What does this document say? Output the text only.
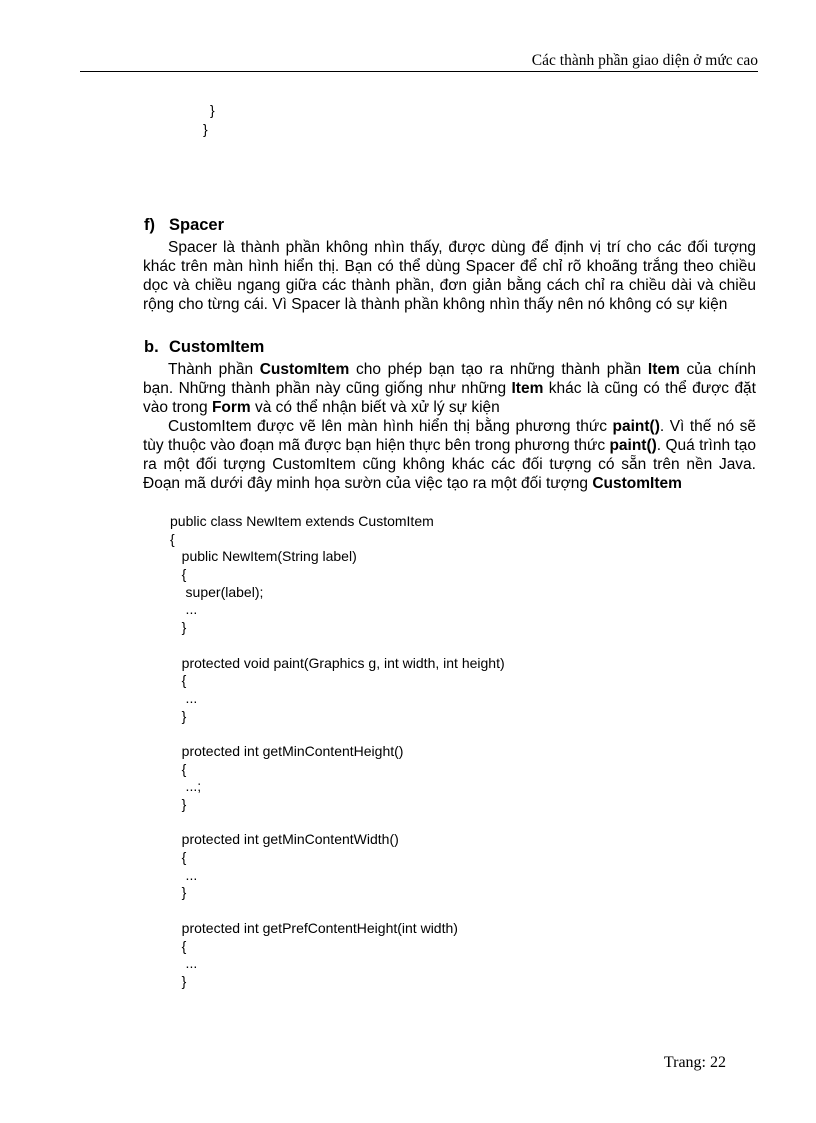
Các thành phần giao diện ở mức cao
}
}
f) Spacer

Spacer là thành phần không nhìn thấy, được dùng để định vị trí cho các đối tượng khác trên màn hình hiển thị. Bạn có thể dùng Spacer để chỉ rõ khoãng trắng theo chiều dọc và chiều ngang giữa các thành phần, đơn giản bằng cách chỉ ra chiều dài và chiều rộng cho từng cái. Vì Spacer là thành phần không nhìn thấy nên nó không có sự kiện

b. CustomItem

Thành phần CustomItem cho phép bạn tạo ra những thành phần Item của chính bạn. Những thành phần này cũng giống như những Item khác là cũng có thể được đặt vào trong Form và có thể nhận biết và xử lý sự kiện

CustomItem được vẽ lên màn hình hiển thị bằng phương thức paint(). Vì thế nó sẽ tùy thuộc vào đoạn mã được bạn hiện thực bên trong phương thức paint(). Quá trình tạo ra một đối tượng CustomItem cũng không khác các đối tượng có sẵn trên nền Java. Đoạn mã dưới đây minh họa sườn của việc tạo ra một đối tượng CustomItem

public class NewItem extends CustomItem
{
public NewItem(String label)
{
super(label);
...
}
protected void paint(Graphics g, int width, int height)
{
...
}
protected int getMinContentHeight()
{
...;
}
protected int getMinContentWidth()
{
...
}
protected int getPrefContentHeight(int width)
{
...
}
Trang: 22
